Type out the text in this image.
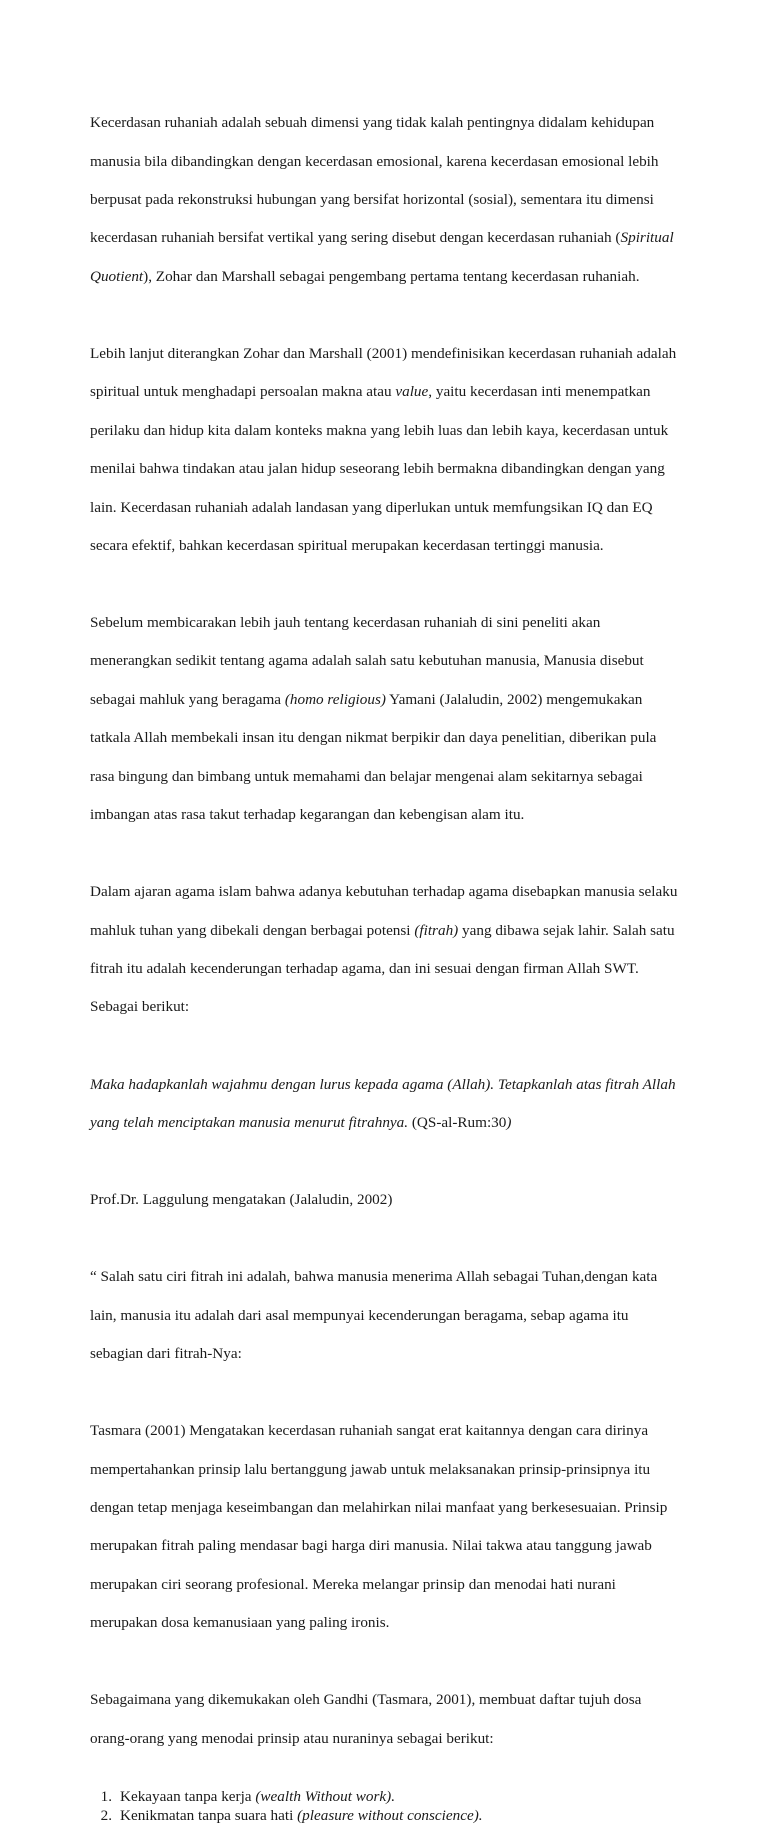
Kecerdasan ruhaniah adalah sebuah dimensi yang tidak kalah pentingnya didalam kehidupan

manusia bila dibandingkan dengan kecerdasan emosional, karena kecerdasan emosional lebih

berpusat pada rekonstruksi hubungan yang bersifat horizontal (sosial), sementara itu dimensi

kecerdasan ruhaniah bersifat vertikal yang sering disebut dengan kecerdasan ruhaniah (Spiritual

Quotient), Zohar dan Marshall sebagai pengembang pertama tentang kecerdasan ruhaniah.

Lebih lanjut diterangkan Zohar dan Marshall (2001) mendefinisikan kecerdasan ruhaniah adalah

spiritual untuk menghadapi persoalan makna atau value, yaitu kecerdasan inti menempatkan

perilaku dan hidup kita dalam konteks makna yang lebih luas dan lebih kaya, kecerdasan untuk

menilai bahwa tindakan atau jalan hidup seseorang lebih bermakna dibandingkan dengan yang

lain. Kecerdasan ruhaniah adalah landasan yang diperlukan untuk memfungsikan IQ dan EQ

secara efektif, bahkan kecerdasan spiritual merupakan kecerdasan tertinggi manusia.

Sebelum membicarakan lebih jauh tentang kecerdasan ruhaniah di sini peneliti akan

menerangkan sedikit tentang agama adalah salah satu kebutuhan manusia, Manusia disebut

sebagai mahluk yang beragama (homo religious) Yamani (Jalaludin, 2002) mengemukakan

tatkala Allah membekali insan itu dengan nikmat berpikir dan daya penelitian, diberikan pula

rasa bingung dan bimbang untuk memahami dan belajar mengenai alam sekitarnya sebagai

imbangan atas rasa takut terhadap kegarangan dan kebengisan alam itu.

Dalam ajaran agama islam bahwa adanya kebutuhan terhadap agama disebapkan manusia selaku

mahluk tuhan yang dibekali dengan berbagai potensi (fitrah) yang dibawa sejak lahir. Salah satu

fitrah itu adalah kecenderungan terhadap agama, dan ini sesuai dengan firman Allah SWT.

Sebagai berikut:

Maka hadapkanlah wajahmu dengan lurus kepada agama (Allah). Tetapkanlah atas fitrah Allah

yang telah menciptakan manusia menurut fitrahnya. (QS-al-Rum:30)

Prof.Dr. Laggulung mengatakan (Jalaludin, 2002)

“ Salah satu ciri fitrah ini adalah, bahwa manusia menerima Allah sebagai Tuhan,dengan kata

lain, manusia itu adalah dari asal mempunyai kecenderungan beragama, sebap agama itu

sebagian dari fitrah-Nya:

Tasmara (2001) Mengatakan kecerdasan ruhaniah sangat erat kaitannya dengan cara dirinya

mempertahankan prinsip lalu bertanggung jawab untuk melaksanakan prinsip-prinsipnya itu

dengan tetap menjaga keseimbangan dan melahirkan nilai manfaat yang berkesesuaian. Prinsip

merupakan fitrah paling mendasar bagi harga diri manusia. Nilai takwa atau tanggung jawab

merupakan ciri seorang profesional. Mereka melangar prinsip dan menodai hati nurani

merupakan dosa kemanusiaan yang paling ironis.

Sebagaimana yang dikemukakan oleh Gandhi (Tasmara, 2001), membuat daftar tujuh dosa

orang-orang yang menodai prinsip atau nuraninya sebagai berikut:

1. Kekayaan tanpa kerja (wealth Without work).
2. Kenikmatan tanpa suara hati (pleasure without conscience).
